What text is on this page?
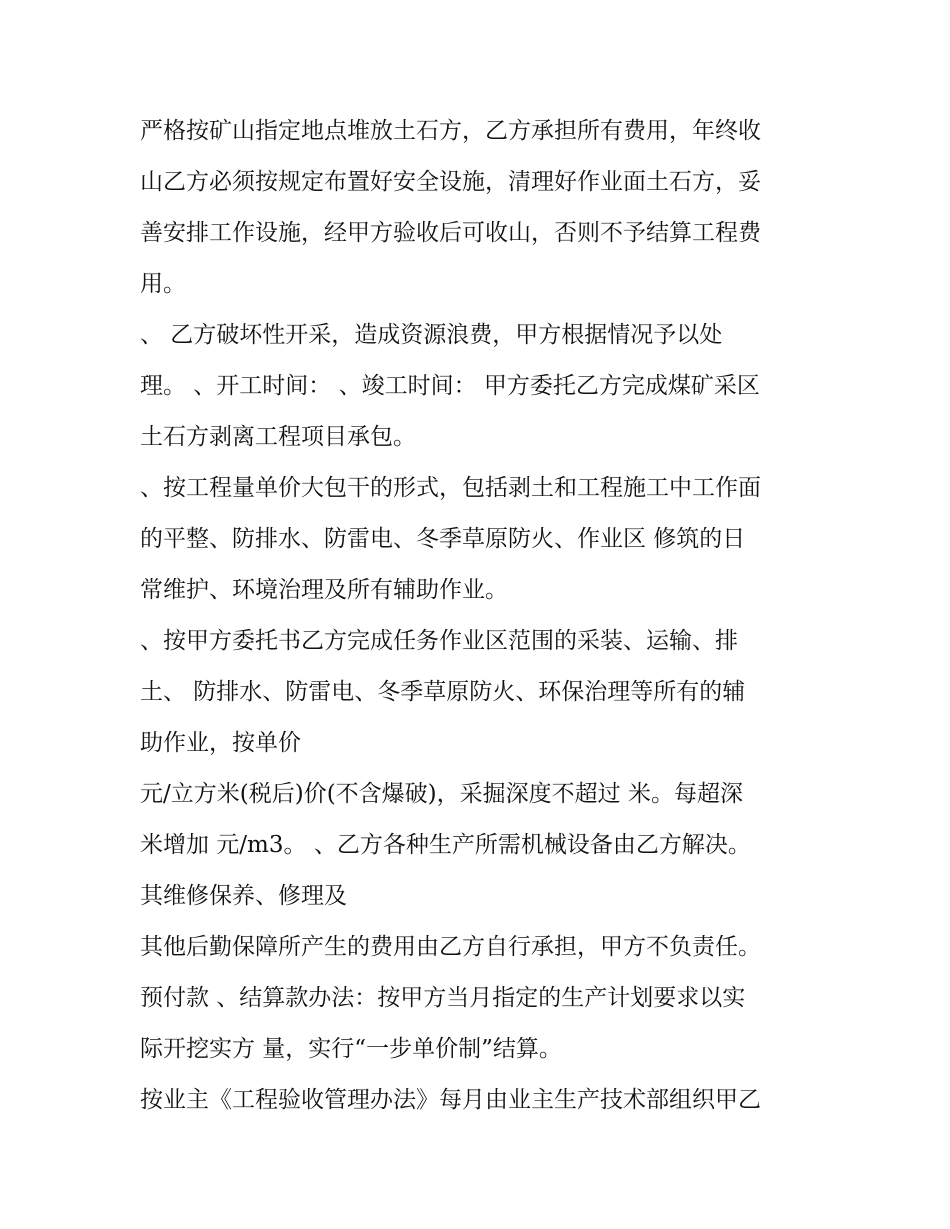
严格按矿山指定地点堆放土石方，乙方承担所有费用，年终收
山乙方必须按规定布置好安全设施，清理好作业面土石方，妥
善安排工作设施，经甲方验收后可收山，否则不予结算工程费
用。
、 乙方破坏性开采，造成资源浪费，甲方根据情况予以处
理。 、开工时间： 、竣工时间： 甲方委托乙方完成煤矿采区
土石方剥离工程项目承包。
、按工程量单价大包干的形式，包括剥土和工程施工中工作面
的平整、防排水、防雷电、冬季草原防火、作业区 修筑的日
常维护、环境治理及所有辅助作业。
、按甲方委托书乙方完成任务作业区范围的采装、运输、排
土、 防排水、防雷电、冬季草原防火、环保治理等所有的辅
助作业，按单价
元/立方米(税后)价(不含爆破)，采掘深度不超过 米。每超深
米增加 元/m3。 、乙方各种生产所需机械设备由乙方解决。
其维修保养、修理及
其他后勤保障所产生的费用由乙方自行承担，甲方不负责任。
预付款 、结算款办法：按甲方当月指定的生产计划要求以实
际开挖实方 量，实行“一步单价制”结算。
按业主《工程验收管理办法》每月由业主生产技术部组织甲乙
